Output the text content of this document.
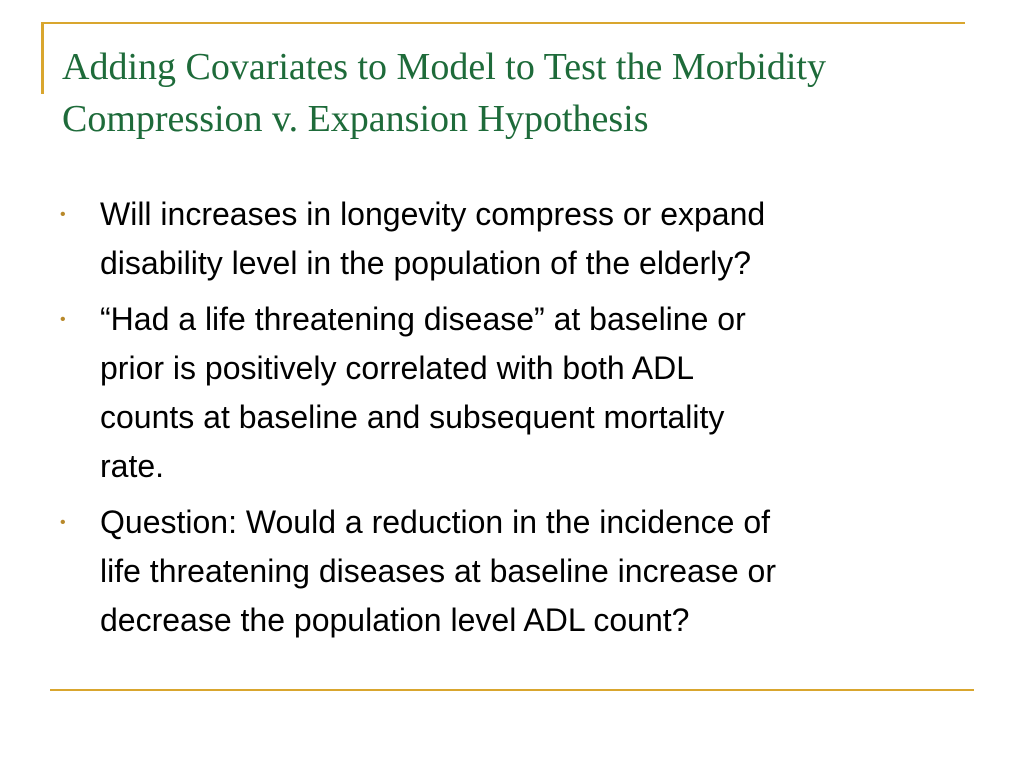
Adding Covariates to Model to Test the Morbidity
Compression v. Expansion Hypothesis
•	Will increases in longevity compress or expand
disability level in the population of the elderly?
•	“Had a life threatening disease” at baseline or
prior is positively correlated with both ADL
counts at baseline and subsequent mortality
rate.
•	Question: Would a reduction in the incidence of
life threatening diseases at baseline increase or
decrease the population level ADL count?
